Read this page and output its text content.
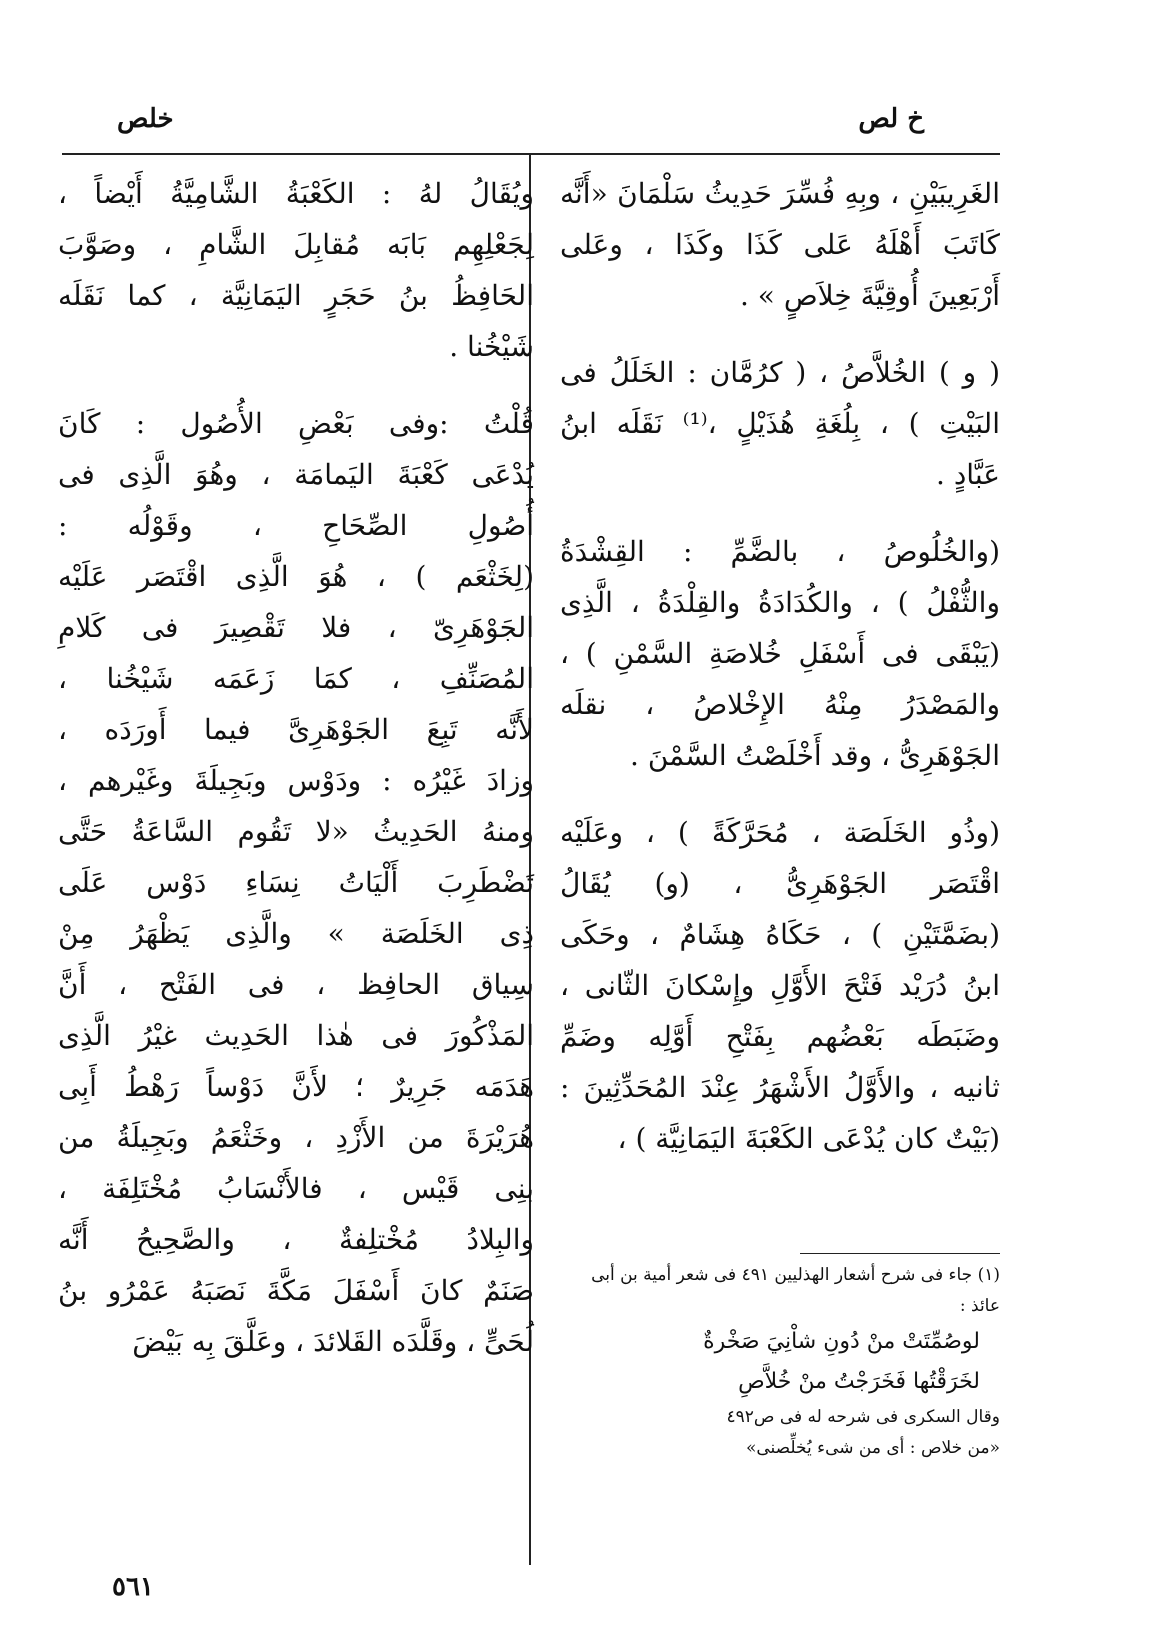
خ لص
خلص
الغَرِيبَيْنِ ، وبِهِ فُسِّرَ حَدِيثُ سَلْمَانَ «أَنَّه
كَاتَبَ أَهْلَهُ عَلى كَذَا وكَذَا ، وعَلى
أَرْبَعِينَ أُوقِيَّةَ خِلاَصٍ » .
( و ) الخُلاَّصُ ، ( كرُمَّان : الخَلَلُ فى
البَيْتِ ) ، بِلُغَةِ هُذَيْلٍ ،⁽¹⁾ نَقَلَه ابنُ
عَبَّادٍ .
(والخُلُوصُ ، بالضَّمِّ : القِشْدَةُ
والثُّفْلُ ) ، والكُدَادَةُ والقِلْدَةُ ، الَّذِى
(يَبْقَى فى أَسْفَلِ خُلاصَةِ السَّمْنِ ) ،
والمَصْدَرُ مِنْهُ الإِخْلاصُ ، نقلَه
الجَوْهَرِىُّ ، وقد أَخْلَصْتُ السَّمْنَ .
(وذُو الخَلَصَة ، مُحَرَّكَةً ) ، وعَلَيْه
اقْتَصَر الجَوْهَرِىُّ ، (و) يُقَالُ
(بضَمَّتَيْنِ ) ، حَكَاهُ هِشَامٌ ، وحَكَى
ابنُ دُرَيْد فَتْحَ الأَوَّلِ وإِسْكانَ الثّانى ،
وضَبَطَه بَعْضُهم بِفَتْحِ أَوَّلِه وضَمِّ
ثانيه ، والأَوَّلُ الأَشْهَرُ عِنْدَ المُحَدِّثِينَ :
(بَيْتٌ كان يُدْعَى الكَعْبَةَ اليَمَانِيَّة ) ،
ويُقَالُ لهُ : الكَعْبَةُ الشَّامِيَّةُ أَيْضاً ،
لِجَعْلِهِم بَابَه مُقابِلَ الشَّامِ ، وصَوَّبَ
الحَافِظُ بنُ حَجَرٍ اليَمَانِيَّة ، كما نَقَلَه
شَيْخُنا .
قُلْتُ :وفى بَعْضِ الأُصُول : كَانَ
يُدْعَى كَعْبَةَ اليَمامَة ، وهُوَ الَّذِى فى
أُصُولِ الصِّحَاحِ ، وقَوْلُه :
(لِخَثْعَم ) ، هُوَ الَّذِى اقْتَصَر عَلَيْه
الجَوْهَرِىّ ، فلا تَقْصِيرَ فى كَلامِ
المُصَنِّفِ ، كمَا زَعَمَه شَيْخُنا ،
لأَنَّه تَبِعَ الجَوْهَرِىَّ فيما أَورَدَه ،
وزادَ غَيْرُه : ودَوْس وبَجِيلَةَ وغَيْرهم ،
ومنهُ الحَدِيثُ «لا تَقُوم السَّاعَةُ حَتَّى
تَضْطَرِبَ أَلْيَاتُ نِسَاءِ دَوْس عَلَى
ذِى الخَلَصَة » والَّذِى يَظْهَرُ مِنْ
سِياق الحافِظ ، فى الفَتْح ، أَنَّ
المَذْكُورَ فى هٰذا الحَدِيث غيْرُ الَّذِى
هَدَمَه جَرِيرٌ ؛ لأَنَّ دَوْساً رَهْطُ أَبِى
هُرَيْرَةَ من الأَزْدِ ، وخَثْعَمُ وبَجِيلَةُ من
بنِى قَيْس ، فالأَنْسَابُ مُخْتَلِفَة ،
والبِلادُ مُخْتلِفةٌ ، والصَّحِيحُ أَنَّه
صَنَمٌ كانَ أَسْفَلَ مَكَّةَ نَصَبَهُ عَمْرُو بنُ
لُحَىٍّ ، وقَلَّدَه القَلائدَ ، وعَلَّقَ بِه بَيْضَ
(١) جاء فى شرح أشعار الهذليين ٤٩١ فى شعر أمية بن أبى
عائذ :
لوصُمِّتَتْ منْ دُونِ شاْنِيَ صَخْرةٌ
لخَرَقْتُها فَخَرَجْتُ منْ خُلاَّصِ
وقال السكرى فى شرحه له فى ص٤٩٢
«من خلاص : أى من شىء يُخلِّصنى»
٥٦١
